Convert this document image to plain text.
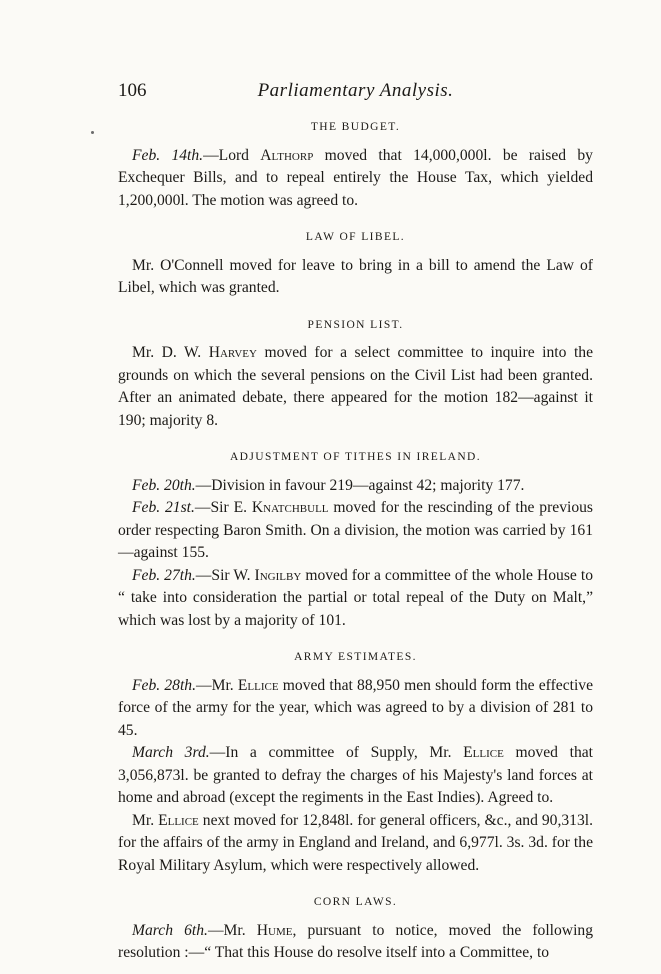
106	Parliamentary Analysis.
THE BUDGET.

Feb. 14th.—Lord Althorp moved that 14,000,000l. be raised by Exchequer Bills, and to repeal entirely the House Tax, which yielded 1,200,000l. The motion was agreed to.

LAW OF LIBEL.

Mr. O'Connell moved for leave to bring in a bill to amend the Law of Libel, which was granted.

PENSION LIST.

Mr. D. W. Harvey moved for a select committee to inquire into the grounds on which the several pensions on the Civil List had been granted. After an animated debate, there appeared for the motion 182—against it 190; majority 8.

ADJUSTMENT OF TITHES IN IRELAND.

Feb. 20th.—Division in favour 219—against 42; majority 177.

Feb. 21st.—Sir E. Knatchbull moved for the rescinding of the previous order respecting Baron Smith. On a division, the motion was carried by 161—against 155.

Feb. 27th.—Sir W. Ingilby moved for a committee of the whole House to “ take into consideration the partial or total repeal of the Duty on Malt,” which was lost by a majority of 101.

ARMY ESTIMATES.

Feb. 28th.—Mr. Ellice moved that 88,950 men should form the effective force of the army for the year, which was agreed to by a division of 281 to 45.

March 3rd.—In a committee of Supply, Mr. Ellice moved that 3,056,873l. be granted to defray the charges of his Majesty's land forces at home and abroad (except the regiments in the East Indies). Agreed to.

Mr. Ellice next moved for 12,848l. for general officers, &c., and 90,313l. for the affairs of the army in England and Ireland, and 6,977l. 3s. 3d. for the Royal Military Asylum, which were respectively allowed.

CORN LAWS.

March 6th.—Mr. Hume, pursuant to notice, moved the following resolution :—“ That this House do resolve itself into a Committee, to
